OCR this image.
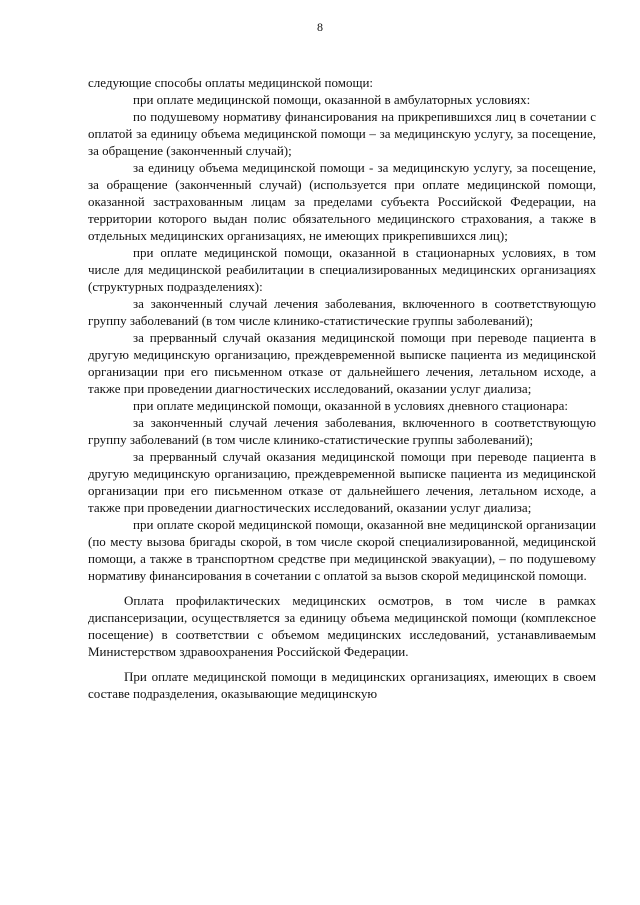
8

следующие способы оплаты медицинской помощи:

при оплате медицинской помощи, оказанной в амбулаторных условиях:

по подушевому нормативу финансирования на прикрепившихся лиц в сочетании с оплатой за единицу объема медицинской помощи – за медицинскую услугу, за посещение, за обращение (законченный случай);

за единицу объема медицинской помощи - за медицинскую услугу, за посещение, за обращение (законченный случай) (используется при оплате медицинской помощи, оказанной застрахованным лицам за пределами субъекта Российской Федерации, на территории которого выдан полис обязательного медицинского страхования, а также в отдельных медицинских организациях, не имеющих прикрепившихся лиц);

при оплате медицинской помощи, оказанной в стационарных условиях, в том числе для медицинской реабилитации в специализированных медицинских организациях (структурных подразделениях):

за законченный случай лечения заболевания, включенного в соответствующую группу заболеваний (в том числе клинико-статистические группы заболеваний);

за прерванный случай оказания медицинской помощи при переводе пациента в другую медицинскую организацию, преждевременной выписке пациента из медицинской организации при его письменном отказе от дальнейшего лечения, летальном исходе, а также при проведении диагностических исследований, оказании услуг диализа;

при оплате медицинской помощи, оказанной в условиях дневного стационара:

за законченный случай лечения заболевания, включенного в соответствующую группу заболеваний (в том числе клинико-статистические группы заболеваний);

за прерванный случай оказания медицинской помощи при переводе пациента в другую медицинскую организацию, преждевременной выписке пациента из медицинской организации при его письменном отказе от дальнейшего лечения, летальном исходе, а также при проведении диагностических исследований, оказании услуг диализа;

при оплате скорой медицинской помощи, оказанной вне медицинской организации (по месту вызова бригады скорой, в том числе скорой специализированной, медицинской помощи, а также в транспортном средстве при медицинской эвакуации), – по подушевому нормативу финансирования в сочетании с оплатой за вызов скорой медицинской помощи.

Оплата профилактических медицинских осмотров, в том числе в рамках диспансеризации, осуществляется за единицу объема медицинской помощи (комплексное посещение) в соответствии с объемом медицинских исследований, устанавливаемым Министерством здравоохранения Российской Федерации.

При оплате медицинской помощи в медицинских организациях, имеющих в своем составе подразделения, оказывающие медицинскую
